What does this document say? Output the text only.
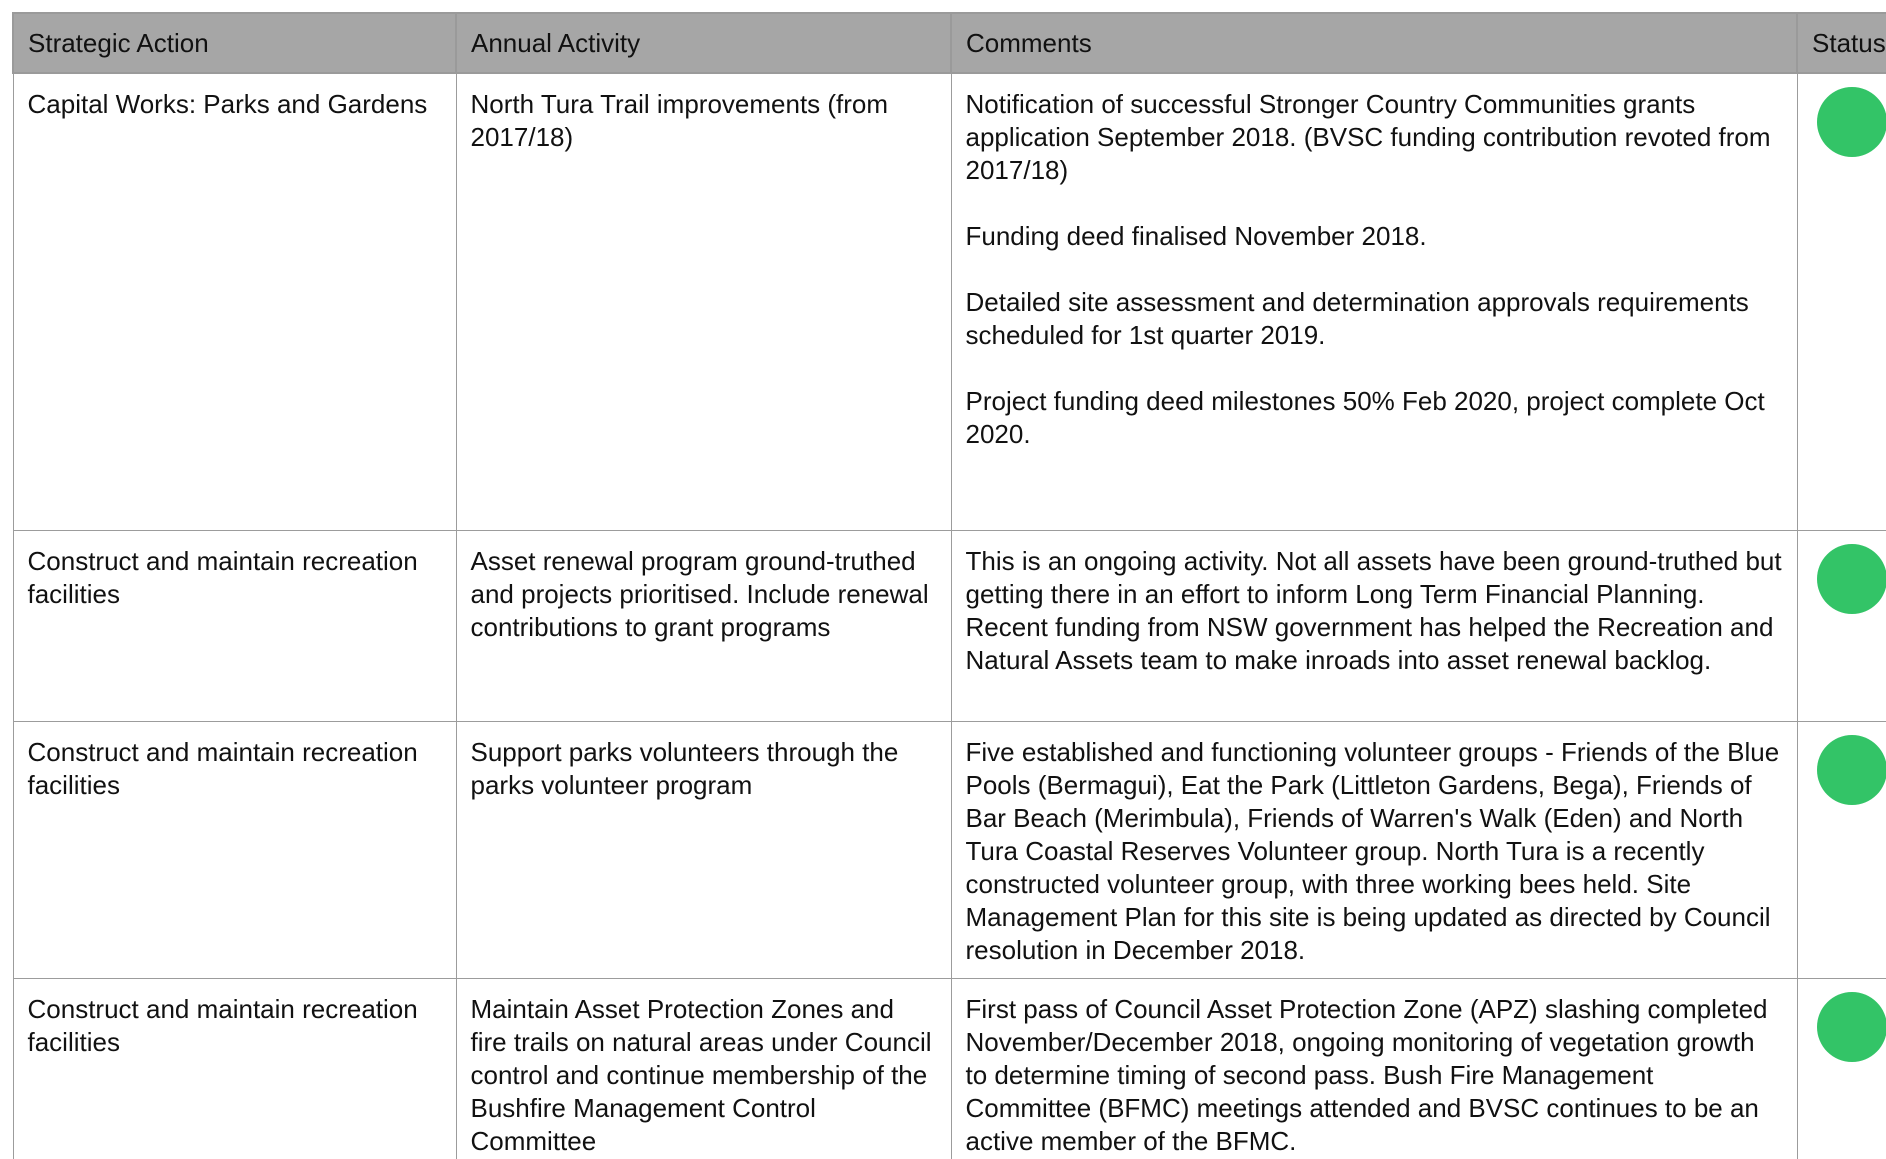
Strategic Action	Annual Activity	Comments	Status
Capital Works: Parks and Gardens	North Tura Trail improvements (from 2017/18)	Notification of successful Stronger Country Communities grants application September 2018. (BVSC funding contribution revoted from 2017/18)

Funding deed finalised November 2018.

Detailed site assessment and determination approvals requirements scheduled for 1st quarter 2019.

Project funding deed milestones 50% Feb 2020, project complete Oct 2020.	

Construct and maintain recreation facilities	Asset renewal program ground-truthed and projects prioritised. Include renewal contributions to grant programs	This is an ongoing activity. Not all assets have been ground-truthed but getting there in an effort to inform Long Term Financial Planning. Recent funding from NSW government has helped the Recreation and Natural Assets team to make inroads into asset renewal backlog.	

Construct and maintain recreation facilities	Support parks volunteers through the parks volunteer program	Five established and functioning volunteer groups - Friends of the Blue Pools (Bermagui), Eat the Park (Littleton Gardens, Bega), Friends of Bar Beach (Merimbula), Friends of Warren's Walk (Eden) and North Tura Coastal Reserves Volunteer group. North Tura is a recently constructed volunteer group, with three working bees held. Site Management Plan for this site is being updated as directed by Council resolution in December 2018.	

Construct and maintain recreation facilities	Maintain Asset Protection Zones and fire trails on natural areas under Council control and continue membership of the Bushfire Management Control Committee	First pass of Council Asset Protection Zone (APZ) slashing completed November/December 2018, ongoing monitoring of vegetation growth to determine timing of second pass. Bush Fire Management Committee (BFMC) meetings attended and BVSC continues to be an active member of the BFMC.	
